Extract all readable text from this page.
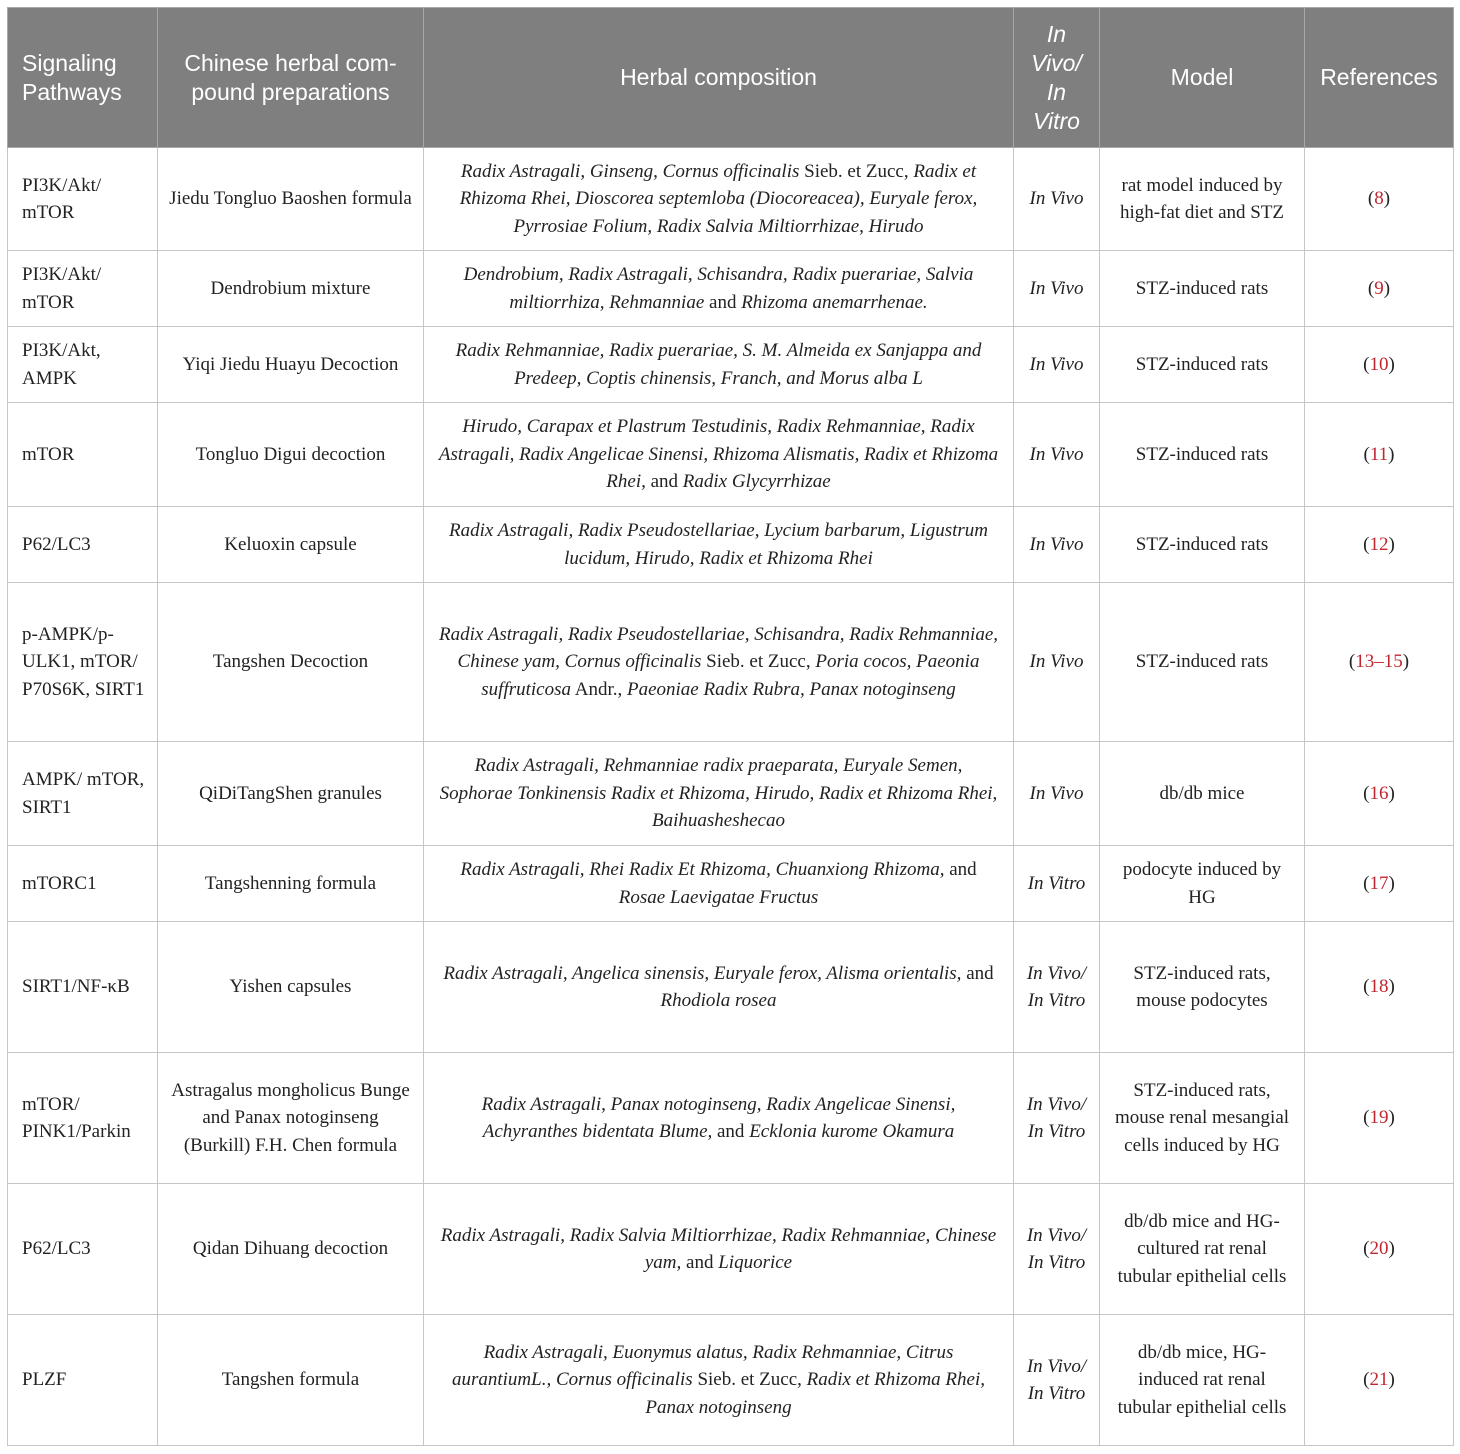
Signaling Pathways	Chinese herbal com-pound preparations	Herbal composition	In Vivo/ In Vitro	Model	References
PI3K/Akt/ mTOR	Jiedu Tongluo Baoshen formula	Radix Astragali, Ginseng, Cornus officinalis Sieb. et Zucc, Radix et Rhizoma Rhei, Dioscorea septemloba (Diocoreacea), Euryale ferox, Pyrrosiae Folium, Radix Salvia Miltiorrhizae, Hirudo	In Vivo	rat model induced by high-fat diet and STZ	(8)
PI3K/Akt/ mTOR	Dendrobium mixture	Dendrobium, Radix Astragali, Schisandra, Radix puerariae, Salvia miltiorrhiza, Rehmanniae and Rhizoma anemarrhenae.	In Vivo	STZ-induced rats	(9)
PI3K/Akt, AMPK	Yiqi Jiedu Huayu Decoction	Radix Rehmanniae, Radix puerariae, S. M. Almeida ex Sanjappa and Predeep, Coptis chinensis, Franch, and Morus alba L	In Vivo	STZ-induced rats	(10)
mTOR	Tongluo Digui decoction	Hirudo, Carapax et Plastrum Testudinis, Radix Rehmanniae, Radix Astragali, Radix Angelicae Sinensi, Rhizoma Alismatis, Radix et Rhizoma Rhei, and Radix Glycyrrhizae	In Vivo	STZ-induced rats	(11)
P62/LC3	Keluoxin capsule	Radix Astragali, Radix Pseudostellariae, Lycium barbarum, Ligustrum lucidum, Hirudo, Radix et Rhizoma Rhei	In Vivo	STZ-induced rats	(12)
p-AMPK/p-ULK1, mTOR/ P70S6K, SIRT1	Tangshen Decoction	Radix Astragali, Radix Pseudostellariae, Schisandra, Radix Rehmanniae, Chinese yam, Cornus officinalis Sieb. et Zucc, Poria cocos, Paeonia suffruticosa Andr., Paeoniae Radix Rubra, Panax notoginseng	In Vivo	STZ-induced rats	(13–15)
AMPK/ mTOR, SIRT1	QiDiTangShen granules	Radix Astragali, Rehmanniae radix praeparata, Euryale Semen, Sophorae Tonkinensis Radix et Rhizoma, Hirudo, Radix et Rhizoma Rhei, Baihuasheshecao	In Vivo	db/db mice	(16)
mTORC1	Tangshenning formula	Radix Astragali, Rhei Radix Et Rhizoma, Chuanxiong Rhizoma, and Rosae Laevigatae Fructus	In Vitro	podocyte induced by HG	(17)
SIRT1/NF-κB	Yishen capsules	Radix Astragali, Angelica sinensis, Euryale ferox, Alisma orientalis, and Rhodiola rosea	In Vivo/ In Vitro	STZ-induced rats, mouse podocytes	(18)
mTOR/ PINK1/Parkin	Astragalus mongholicus Bunge and Panax notoginseng (Burkill) F.H. Chen formula	Radix Astragali, Panax notoginseng, Radix Angelicae Sinensi, Achyranthes bidentata Blume, and Ecklonia kurome Okamura	In Vivo/ In Vitro	STZ-induced rats, mouse renal mesangial cells induced by HG	(19)
P62/LC3	Qidan Dihuang decoction	Radix Astragali, Radix Salvia Miltiorrhizae, Radix Rehmanniae, Chinese yam, and Liquorice	In Vivo/ In Vitro	db/db mice and HG-cultured rat renal tubular epithelial cells	(20)
PLZF	Tangshen formula	Radix Astragali, Euonymus alatus, Radix Rehmanniae, Citrus aurantiumL., Cornus officinalis Sieb. et Zucc, Radix et Rhizoma Rhei, Panax notoginseng	In Vivo/ In Vitro	db/db mice, HG-induced rat renal tubular epithelial cells	(21)
